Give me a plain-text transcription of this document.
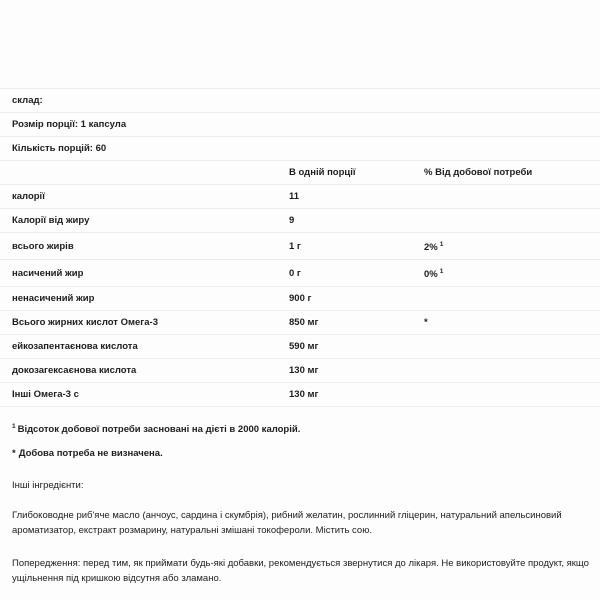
склад:		
Розмір порції: 1 капсула		
Кількість порцій: 60		
	В одній порції	% Від добової потреби
калорії	11	
Калорії від жиру	9	
всього жирів	1 г	2% $^1$
насичений жир	0 г	0% $^1$
ненасичений жир	900 г	
Всього жирних кислот Омега-3	850 мг	*
ейкозапентаєнова кислота	590 мг	
докозагексаєнова кислота	130 мг	
Інші Омега-3 с	130 мг	

$^1$ Відсоток добової потреби засновані на дієті в 2000 калорій.

* Добова потреба не визначена.

Інші інгредієнти:

Глибоководне риб'яче масло (анчоус, сардина і скумбрія), рибний желатин, рослинний гліцерин, натуральний апельсиновий ароматизатор, екстракт розмарину, натуральні змішані токофероли. Містить сою.

Попередження: перед тим, як приймати будь-які добавки, рекомендується звернутися до лікаря. Не використовуйте продукт, якщо ущільнення під кришкою відсутня або зламано.
